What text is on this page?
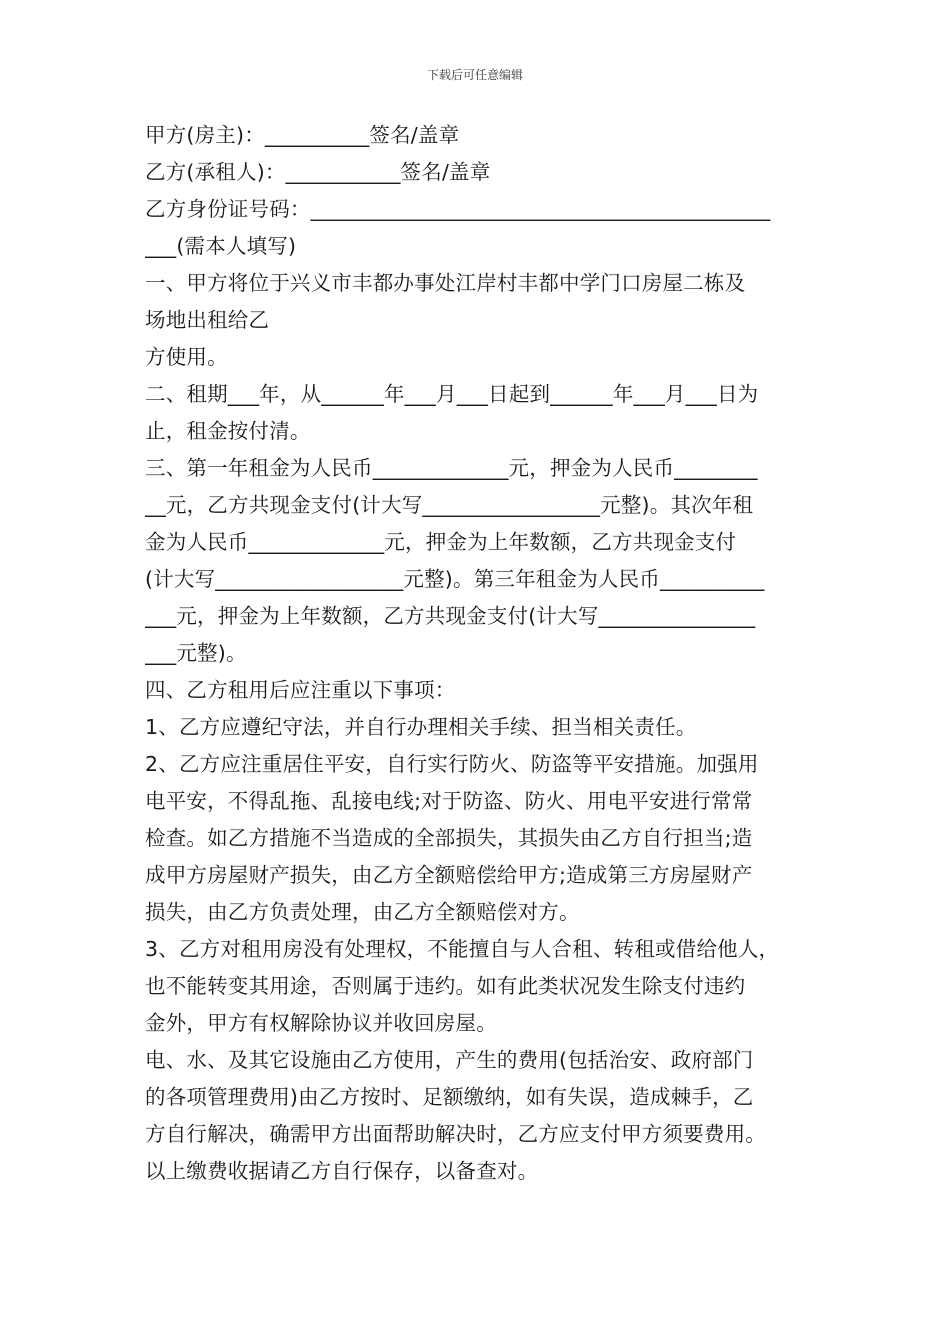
下载后可任意编辑
甲方(房主)：__________签名/盖章
乙方(承租人)：___________签名/盖章
乙方身份证号码：____________________________________________
___(需本人填写)
一、甲方将位于兴义市丰都办事处江岸村丰都中学门口房屋二栋及
场地出租给乙
方使用。
二、租期___年，从______年___月___日起到______年___月___日为
止，租金按付清。
三、第一年租金为人民币_____________元，押金为人民币________
__元，乙方共现金支付(计大写_________________元整)。其次年租
金为人民币_____________元，押金为上年数额，乙方共现金支付
(计大写__________________元整)。第三年租金为人民币__________
___元，押金为上年数额，乙方共现金支付(计大写_______________
___元整)。
四、乙方租用后应注重以下事项：
1、乙方应遵纪守法，并自行办理相关手续、担当相关责任。
2、乙方应注重居住平安，自行实行防火、防盗等平安措施。加强用
电平安，不得乱拖、乱接电线;对于防盗、防火、用电平安进行常常
检查。如乙方措施不当造成的全部损失，其损失由乙方自行担当;造
成甲方房屋财产损失，由乙方全额赔偿给甲方;造成第三方房屋财产
损失，由乙方负责处理，由乙方全额赔偿对方。
3、乙方对租用房没有处理权，不能擅自与人合租、转租或借给他人，
也不能转变其用途，否则属于违约。如有此类状况发生除支付违约
金外，甲方有权解除协议并收回房屋。
电、水、及其它设施由乙方使用，产生的费用(包括治安、政府部门
的各项管理费用)由乙方按时、足额缴纳，如有失误，造成棘手，乙
方自行解决，确需甲方出面帮助解决时，乙方应支付甲方须要费用。
以上缴费收据请乙方自行保存，以备查对。
